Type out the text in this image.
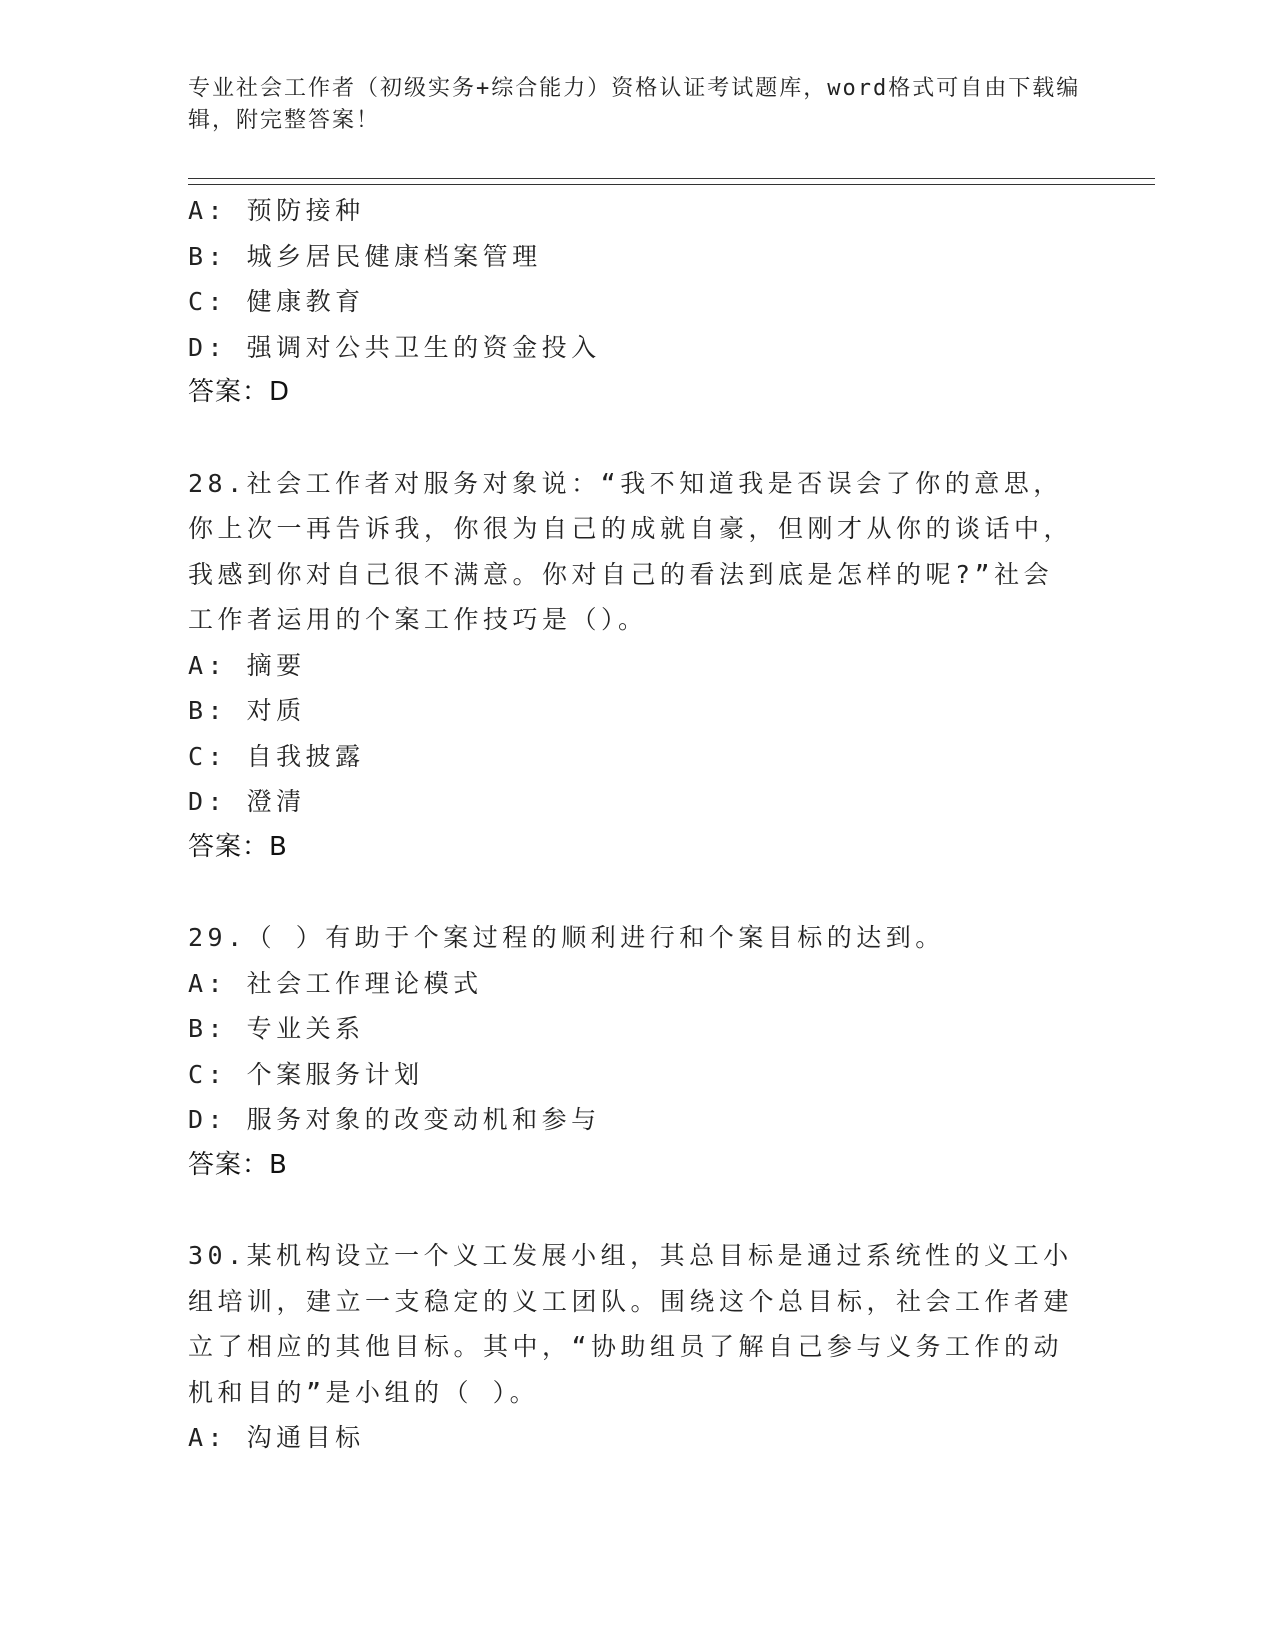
专业社会工作者（初级实务+综合能力）资格认证考试题库，word格式可自由下载编辑，附完整答案！
A: 预防接种
B: 城乡居民健康档案管理
C: 健康教育
D: 强调对公共卫生的资金投入
答案：D
28.社会工作者对服务对象说：“我不知道我是否误会了你的意思，你上次一再告诉我，你很为自己的成就自豪，但刚才从你的谈话中，我感到你对自己很不满意。你对自己的看法到底是怎样的呢?”社会工作者运用的个案工作技巧是（）。
A: 摘要
B: 对质
C: 自我披露
D: 澄清
答案：B
29.（ ）有助于个案过程的顺利进行和个案目标的达到。
A: 社会工作理论模式
B: 专业关系
C: 个案服务计划
D: 服务对象的改变动机和参与
答案：B
30.某机构设立一个义工发展小组，其总目标是通过系统性的义工小组培训，建立一支稳定的义工团队。围绕这个总目标，社会工作者建立了相应的其他目标。其中，“协助组员了解自己参与义务工作的动机和目的”是小组的（ ）。
A: 沟通目标
